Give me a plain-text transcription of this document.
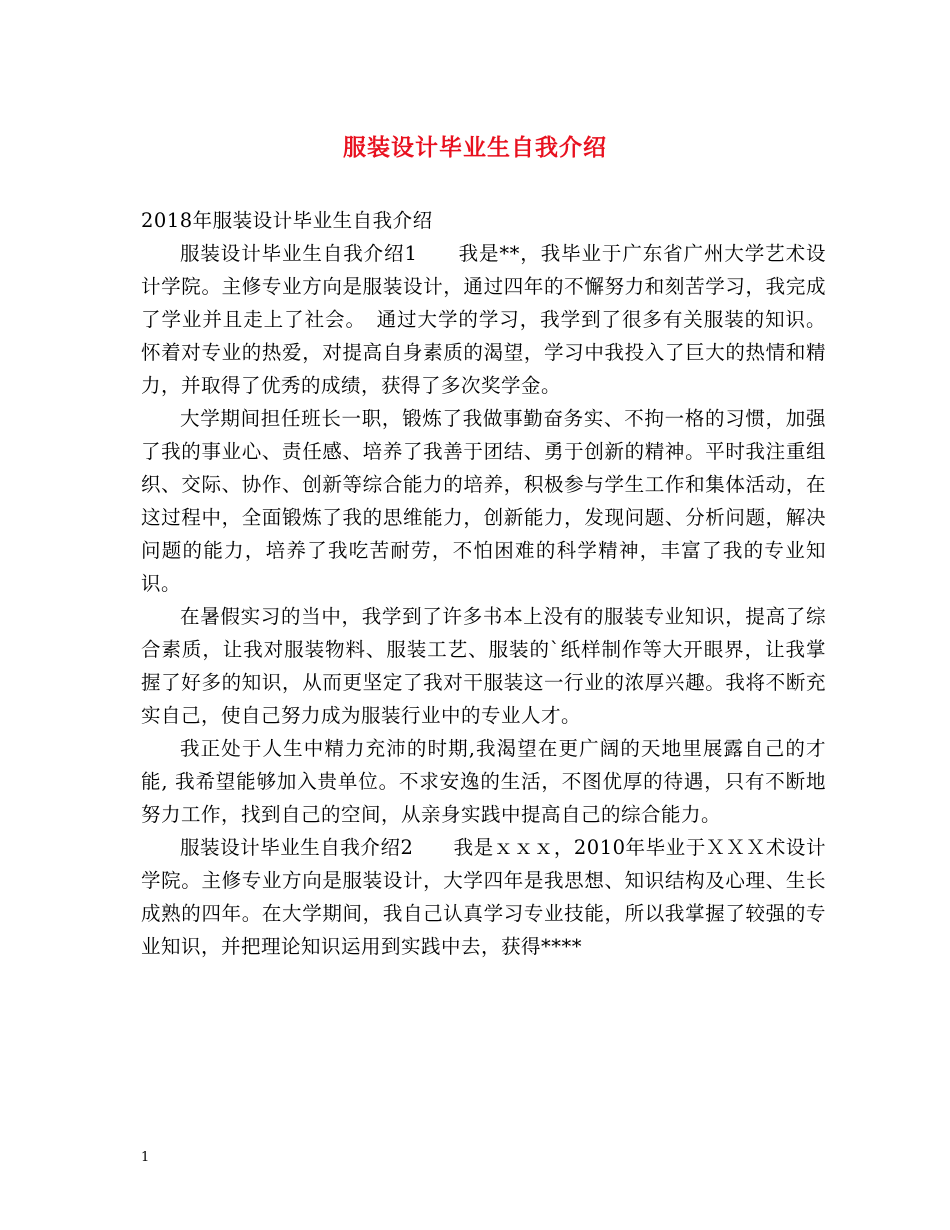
服装设计毕业生自我介绍

2018年服装设计毕业生自我介绍

服装设计毕业生自我介绍1　　我是**，我毕业于广东省广州大学艺术设计学院。主修专业方向是服装设计，通过四年的不懈努力和刻苦学习，我完成了学业并且走上了社会。　通过大学的学习，我学到了很多有关服装的知识。怀着对专业的热爱，对提高自身素质的渴望，学习中我投入了巨大的热情和精力，并取得了优秀的成绩，获得了多次奖学金。

大学期间担任班长一职，锻炼了我做事勤奋务实、不拘一格的习惯，加强了我的事业心、责任感、培养了我善于团结、勇于创新的精神。平时我注重组织、交际、协作、创新等综合能力的培养，积极参与学生工作和集体活动，在这过程中，全面锻炼了我的思维能力，创新能力，发现问题、分析问题，解决问题的能力，培养了我吃苦耐劳，不怕困难的科学精神，丰富了我的专业知识。

在暑假实习的当中，我学到了许多书本上没有的服装专业知识，提高了综合素质，让我对服装物料、服装工艺、服装的`纸样制作等大开眼界，让我掌握了好多的知识，从而更坚定了我对干服装这一行业的浓厚兴趣。我将不断充实自己，使自己努力成为服装行业中的专业人才。

我正处于人生中精力充沛的时期,我渴望在更广阔的天地里展露自己的才能, 我希望能够加入贵单位。不求安逸的生活，不图优厚的待遇，只有不断地努力工作，找到自己的空间，从亲身实践中提高自己的综合能力。

服装设计毕业生自我介绍2　　我是ｘｘｘ，2010年毕业于ＸＸＸ术设计学院。主修专业方向是服装设计，大学四年是我思想、知识结构及心理、生长成熟的四年。在大学期间，我自己认真学习专业技能，所以我掌握了较强的专业知识，并把理论知识运用到实践中去，获得****

1
